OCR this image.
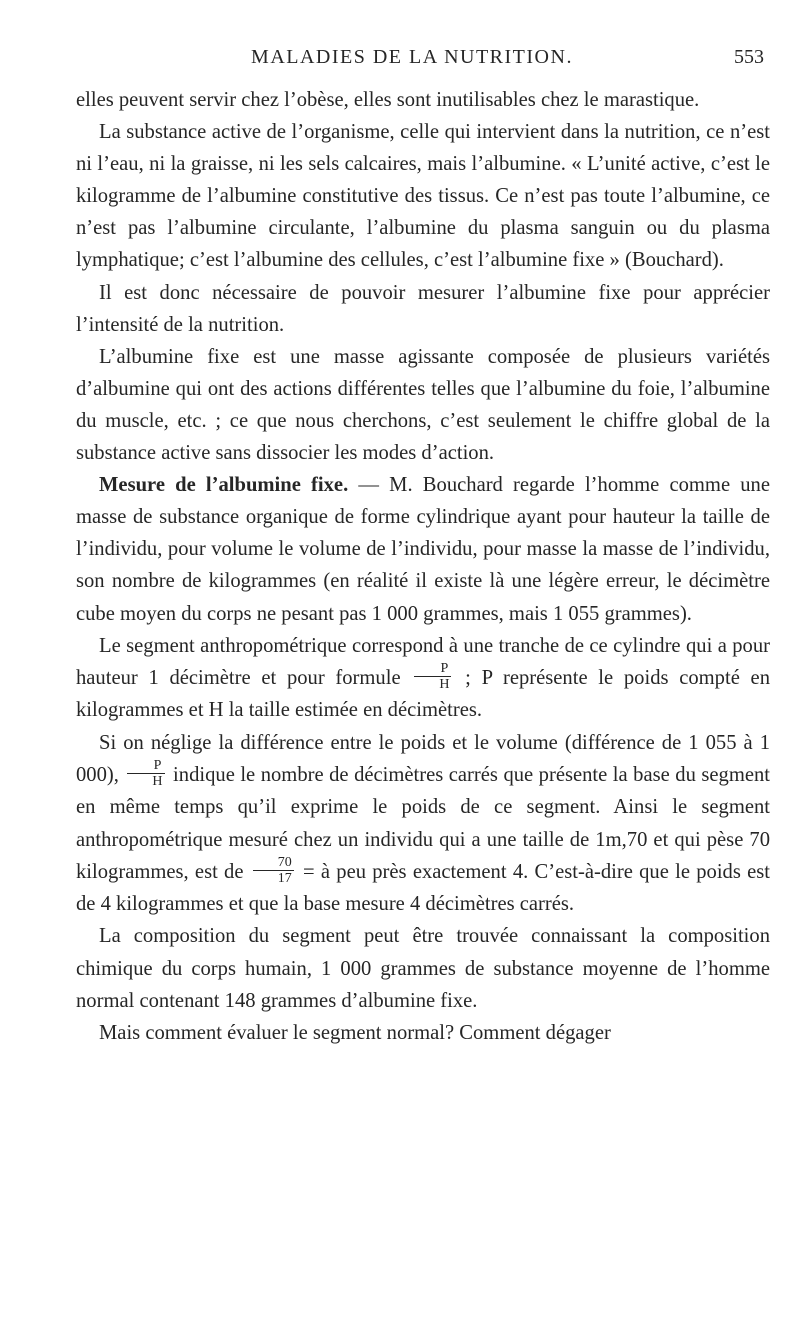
MALADIES DE LA NUTRITION.	553

elles peuvent servir chez l’obèse, elles sont inutilisables chez le marastique.

La substance active de l’organisme, celle qui intervient dans la nutrition, ce n’est ni l’eau, ni la graisse, ni les sels calcaires, mais l’albumine. « L’unité active, c’est le kilogramme de l’albumine constitutive des tissus. Ce n’est pas toute l’albumine, ce n’est pas l’albumine circulante, l’albumine du plasma sanguin ou du plasma lymphatique; c’est l’albumine des cellules, c’est l’albumine fixe » (Bouchard).

Il est donc nécessaire de pouvoir mesurer l’albumine fixe pour apprécier l’intensité de la nutrition.

L’albumine fixe est une masse agissante composée de plusieurs variétés d’albumine qui ont des actions différentes telles que l’albumine du foie, l’albumine du muscle, etc. ; ce que nous cherchons, c’est seulement le chiffre global de la substance active sans dissocier les modes d’action.

Mesure de l’albumine fixe. — M. Bouchard regarde l’homme comme une masse de substance organique de forme cylindrique ayant pour hauteur la taille de l’individu, pour volume le volume de l’individu, pour masse la masse de l’individu, son nombre de kilogrammes (en réalité il existe là une légère erreur, le décimètre cube moyen du corps ne pesant pas 1 000 grammes, mais 1 055 grammes).

Le segment anthropométrique correspond à une tranche de ce cylindre qui a pour hauteur 1 décimètre et pour formule $\frac{P}{H}$ ; P représente le poids compté en kilogrammes et H la taille estimée en décimètres.

Si on néglige la différence entre le poids et le volume (différence de 1 055 à 1 000), $\frac{P}{H}$ indique le nombre de décimètres carrés que présente la base du segment en même temps qu’il exprime le poids de ce segment. Ainsi le segment anthropométrique mesuré chez un individu qui a une taille de 1m,70 et qui pèse 70 kilogrammes, est de $\frac{70}{17}$ = à peu près exactement 4. C’est-à-dire que le poids est de 4 kilogrammes et que la base mesure 4 décimètres carrés.

La composition du segment peut être trouvée connaissant la composition chimique du corps humain, 1 000 grammes de substance moyenne de l’homme normal contenant 148 grammes d’albumine fixe.

Mais comment évaluer le segment normal? Comment dégager
